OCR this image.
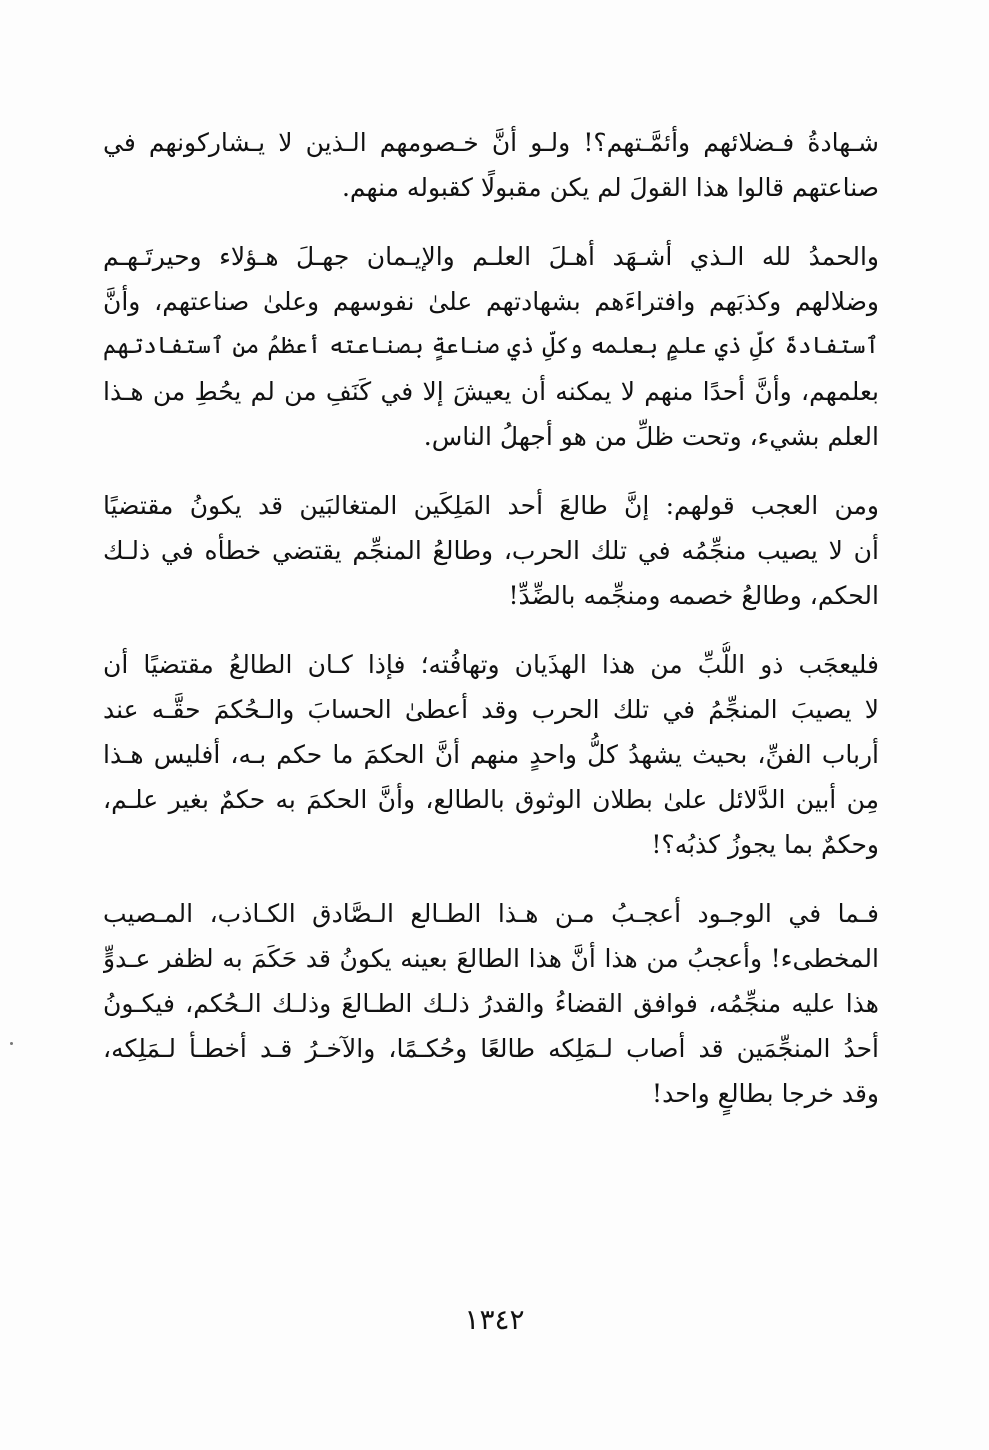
شـهادةُ فـضلائهم وأئمَّـتهم؟! ولـو أنَّ خـصومهم الـذين لا يـشاركونهم في
صناعتهم قالوا هذا القولَ لم يكن مقبولًا كقبوله منهم.
والحمدُ لله الـذي أشـهَد أهـلَ العلـم والإيـمان جهـلَ هـؤلاء وحيرتَـهـم
وضلالهم وكذبَهم وافتراءَهم بشهادتهم علىٰ نفوسهم وعلىٰ صناعتهم، وأنَّ
ٱستفادةَ كلِّ ذي علمٍ بعلمه وكلِّ ذي صناعةٍ بصناعته أعظمُ من ٱستفادتهم
بعلمهم، وأنَّ أحدًا منهم لا يمكنه أن يعيشَ إلا في كَنَفِ من لم يحُطِ من هـذا
العلم بشيء، وتحت ظلِّ من هو أجهلُ الناس.
ومن العجب قولهم: إنَّ طالعَ أحد المَلِكَين المتغالبَين قد يكونُ مقتضيًا
أن لا يصيب منجِّمُه في تلك الحرب، وطالعُ المنجِّم يقتضي خطأه في ذلـك
الحكم، وطالعُ خصمه ومنجِّمه بالضِّدِّ!
فليعجَب ذو اللُّبِّ من هذا الهذَيان وتهافُته؛ فإذا كـان الطالعُ مقتضيًا أن
لا يصيبَ المنجِّمُ في تلك الحرب وقد أعطىٰ الحسابَ والـحُكمَ حقَّـه عند
أرباب الفنِّ، بحيث يشهدُ كلُّ واحدٍ منهم أنَّ الحكمَ ما حكم بـه، أفليس هـذا
مِن أبين الدَّلائل علىٰ بطلان الوثوق بالطالع، وأنَّ الحكمَ به حكمٌ بغير علـم،
وحكمٌ بما يجوزُ كذبُه؟!
فـما في الوجـود أعجـبُ مـن هـذا الطـالع الـصَّادق الكـاذب، المـصيب
المخطىء! وأعجبُ من هذا أنَّ هذا الطالعَ بعينه يكونُ قد حَكَمَ به لظفر عـدوٍّ
هذا عليه منجِّمُه، فوافق القضاءُ والقدرُ ذلـك الطـالعَ وذلـك الـحُكم، فيكـونُ
أحدُ المنجِّمَين قد أصاب لـمَلِكه طالعًا وحُكـمًا، والآخـرُ قـد أخطـأ لـمَلِكه،
وقد خرجا بطالعٍ واحد!
١٣٤٢
